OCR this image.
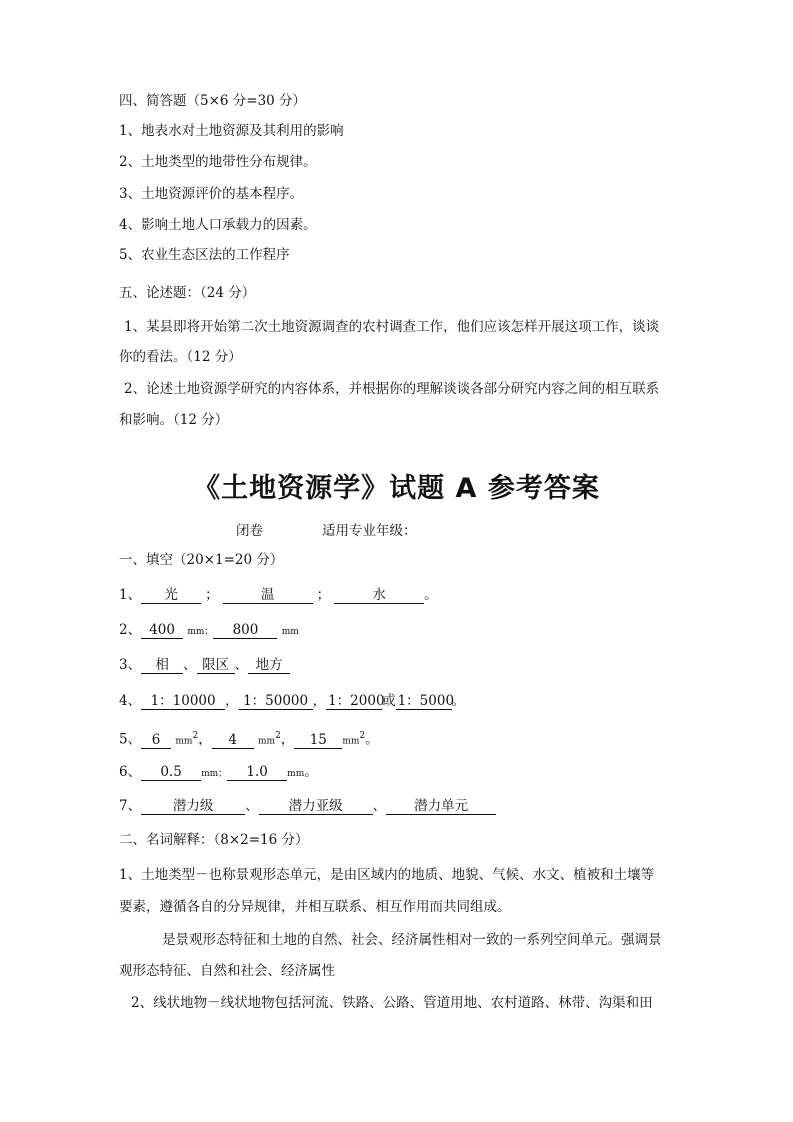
四、简答题（5×6 分=30 分）
1、地表水对土地资源及其利用的影响
2、土地类型的地带性分布规律。
3、土地资源评价的基本程序。
4、影响土地人口承载力的因素。
5、农业生态区法的工作程序
五、论述题：（24 分）
1、某县即将开始第二次土地资源调查的农村调查工作，他们应该怎样开展这项工作，谈谈
你的看法。（12 分）
2、论述土地资源学研究的内容体系，并根据你的理解谈谈各部分研究内容之间的相互联系
和影响。（12 分）
《土地资源学》试题 A 参考答案
闭卷	适用专业年级：
一、填空（20×1=20 分）
1、 光 ；	温	；	水	。
2、 400 mm； 800	mm
3、 相 、 限区 、 地方
4、 1：10000 ， 1：50000 ， 1：2000或 1：5000。
5、 6 $mm^2$， 4 $mm^2$， 15 $mm^2$。
6、 0.5 mm； 1.0 mm。
7、 潜力级 、 潜力亚级 、 潜力单元
二、名词解释：（8×2=16 分）
1、土地类型－也称景观形态单元，是由区域内的地质、地貌、气候、水文、植被和土壤等
要素，遵循各自的分异规律，并相互联系、相互作用而共同组成。
是景观形态特征和土地的自然、社会、经济属性相对一致的一系列空间单元。强调景
观形态特征、自然和社会、经济属性
2、线状地物－线状地物包括河流、铁路、公路、管道用地、农村道路、林带、沟渠和田
